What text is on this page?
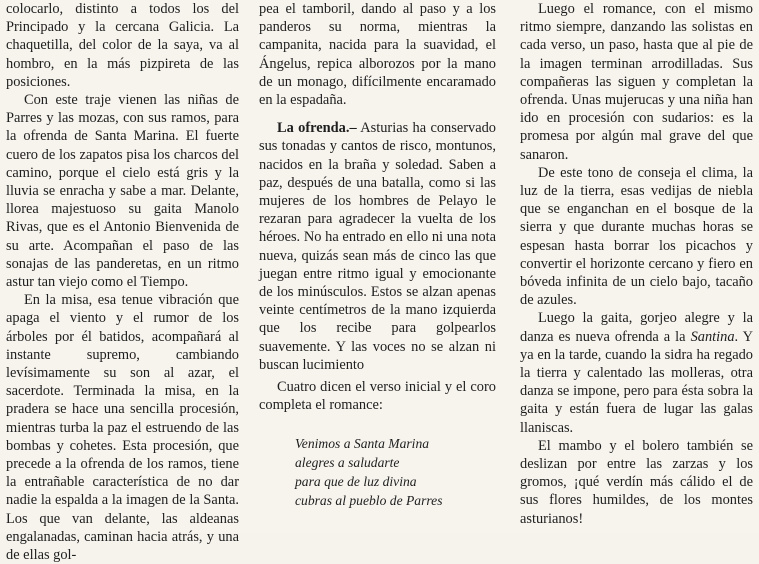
colocarlo, distinto a todos los del Principado y la cercana Galicia. La chaquetilla, del color de la saya, va al hombro, en la más pizpireta de las posiciones.

Con este traje vienen las niñas de Parres y las mozas, con sus ramos, para la ofrenda de Santa Marina. El fuerte cuero de los zapatos pisa los charcos del camino, porque el cielo está gris y la lluvia se enracha y sabe a mar. Delante, llorea majestuoso su gaita Manolo Rivas, que es el Antonio Bienvenida de su arte. Acompañan el paso de las sonajas de las panderetas, en un ritmo astur tan viejo como el Tiempo.

En la misa, esa tenue vibración que apaga el viento y el rumor de los árboles por él batidos, acompañará al instante supremo, cambiando levísimamente su son al azar, el sacerdote. Terminada la misa, en la pradera se hace una sencilla procesión, mientras turba la paz el estruendo de las bombas y cohetes. Esta procesión, que precede a la ofrenda de los ramos, tiene la entrañable característica de no dar nadie la espalda a la imagen de la Santa. Los que van delante, las aldeanas engalanadas, caminan hacia atrás, y una de ellas gol-

pea el tamboril, dando al paso y a los panderos su norma, mientras la campanita, nacida para la suavidad, el Ángelus, repica alborozos por la mano de un monago, difícilmente encaramado en la espadaña.

La ofrenda.– Asturias ha conservado sus tonadas y cantos de risco, montunos, nacidos en la braña y soledad. Saben a paz, después de una batalla, como si las mujeres de los hombres de Pelayo le rezaran para agradecer la vuelta de los héroes. No ha entrado en ello ni una nota nueva, quizás sean más de cinco las que juegan entre ritmo igual y emocionante de los minúsculos. Estos se alzan apenas veinte centímetros de la mano izquierda que los recibe para golpearlos suavemente. Y las voces no se alzan ni buscan lucimiento

Cuatro dicen el verso inicial y el coro completa el romance:

Venimos a Santa Marina
alegres a saludarte
para que de luz divina
cubras al pueblo de Parres

Luego el romance, con el mismo ritmo siempre, danzando las solistas en cada verso, un paso, hasta que al pie de la imagen terminan arrodilladas. Sus compañeras las siguen y completan la ofrenda. Unas mujerucas y una niña han ido en procesión con sudarios: es la promesa por algún mal grave del que sanaron.

De este tono de conseja el clima, la luz de la tierra, esas vedijas de niebla que se enganchan en el bosque de la sierra y que durante muchas horas se espesan hasta borrar los picachos y convertir el horizonte cercano y fiero en bóveda infinita de un cielo bajo, tacaño de azules.

Luego la gaita, gorjeo alegre y la danza es nueva ofrenda a la Santina. Y ya en la tarde, cuando la sidra ha regado la tierra y calentado las molleras, otra danza se impone, pero para ésta sobra la gaita y están fuera de lugar las galas llaniscas.

El mambo y el bolero también se deslizan por entre las zarzas y los gromos, ¡qué verdín más cálido el de sus flores humildes, de los montes asturianos!
